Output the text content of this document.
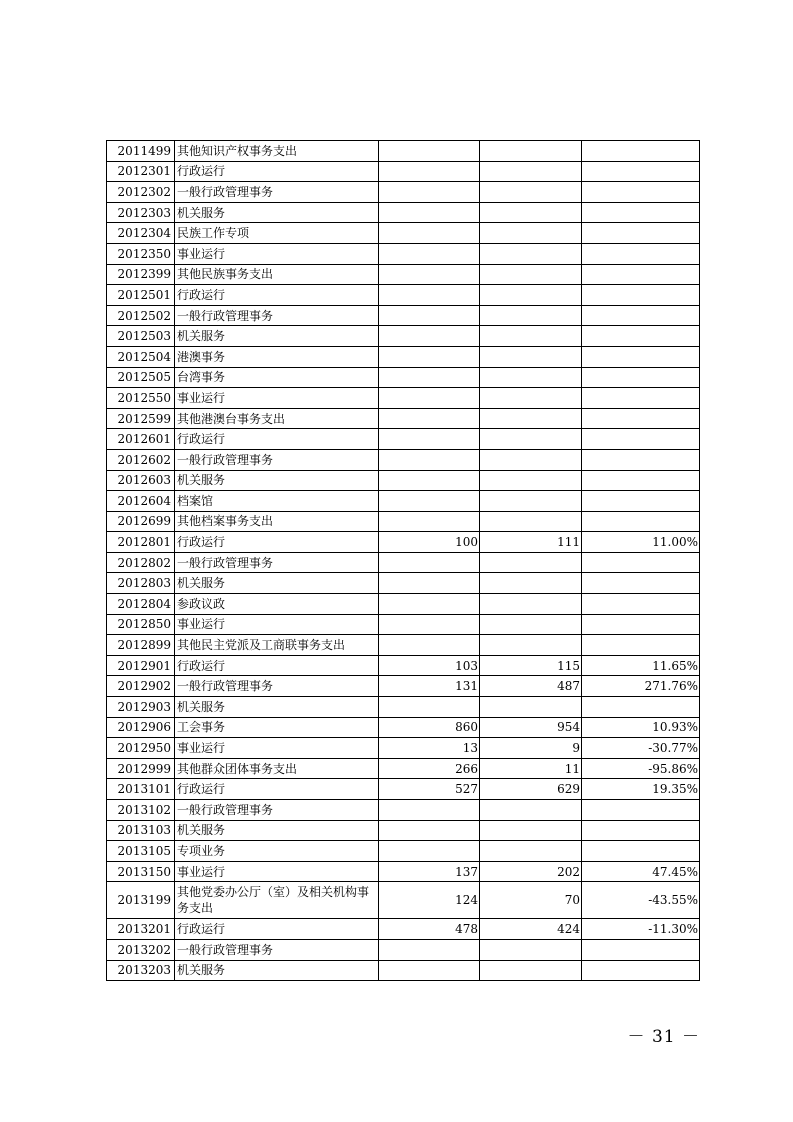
2011499	其他知识产权事务支出			
2012301	行政运行			
2012302	一般行政管理事务			
2012303	机关服务			
2012304	民族工作专项			
2012350	事业运行			
2012399	其他民族事务支出			
2012501	行政运行			
2012502	一般行政管理事务			
2012503	机关服务			
2012504	港澳事务			
2012505	台湾事务			
2012550	事业运行			
2012599	其他港澳台事务支出			
2012601	行政运行			
2012602	一般行政管理事务			
2012603	机关服务			
2012604	档案馆			
2012699	其他档案事务支出			
2012801	行政运行	100	111	11.00%
2012802	一般行政管理事务			
2012803	机关服务			
2012804	参政议政			
2012850	事业运行			
2012899	其他民主党派及工商联事务支出			
2012901	行政运行	103	115	11.65%
2012902	一般行政管理事务	131	487	271.76%
2012903	机关服务			
2012906	工会事务	860	954	10.93%
2012950	事业运行	13	9	-30.77%
2012999	其他群众团体事务支出	266	11	-95.86%
2013101	行政运行	527	629	19.35%
2013102	一般行政管理事务			
2013103	机关服务			
2013105	专项业务			
2013150	事业运行	137	202	47.45%
2013199	其他党委办公厅（室）及相关机构事务支出	124	70	-43.55%
2013201	行政运行	478	424	-11.30%
2013202	一般行政管理事务			
2013203	机关服务			
－ 31 －
